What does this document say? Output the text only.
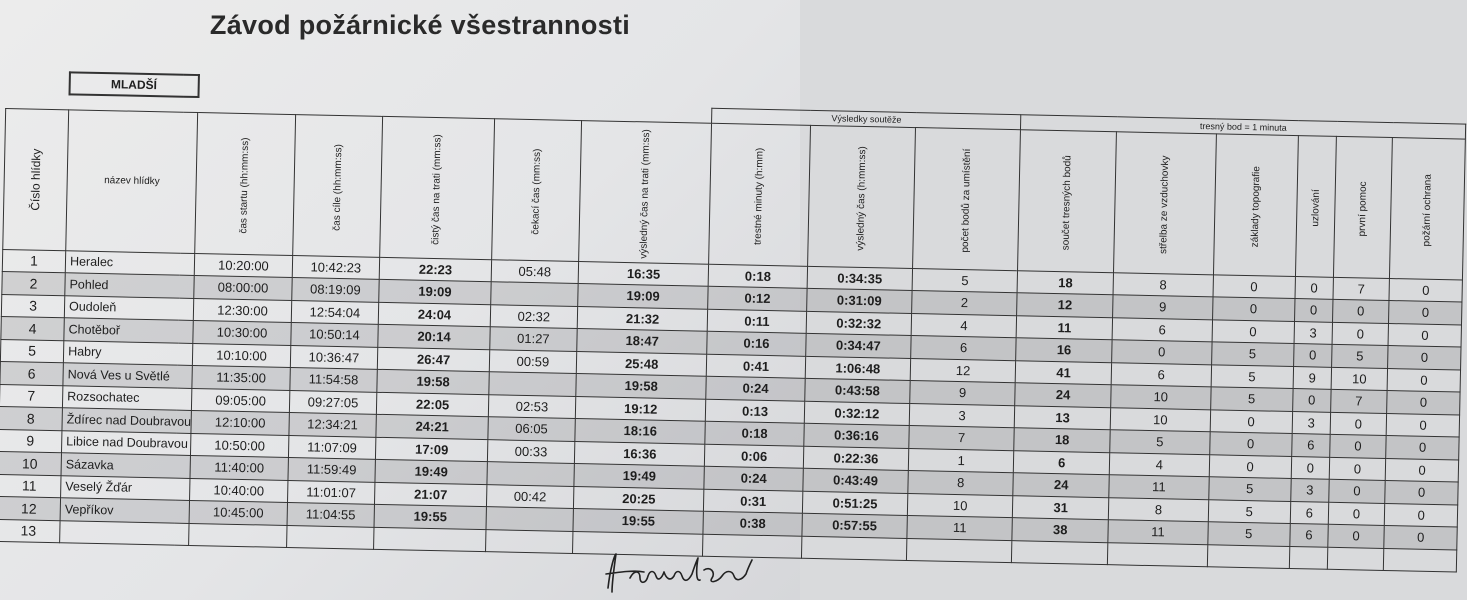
Závod požárnické všestrannosti
	MLADŠÍ														
							Výsledky soutěže			tresný bod = 1 minuta					
Číslo hlídky	název hlídky	čas startu (hh:mm:ss)	čas cíle (hh:mm:ss)	čistý čas na trati (mm:ss)	čekací čas (mm:ss)	výsledný čas na trati (mm:ss)	trestné minuty (h:mm)	výsledný čas (h:mm:ss)	počet bodů za umístění	součet tresných bodů	střelba ze vzduchovky	základy topografie	uzlování	první pomoc	požární ochrana
1	Heralec	10:20:00	10:42:23	22:23	05:48	16:35	0:18	0:34:35	5	18	8	0	0	7	0
2	Pohled	08:00:00	08:19:09	19:09		19:09	0:12	0:31:09	2	12	9	0	0	0	0
3	Oudoleň	12:30:00	12:54:04	24:04	02:32	21:32	0:11	0:32:32	4	11	6	0	3	0	0
4	Chotěboř	10:30:00	10:50:14	20:14	01:27	18:47	0:16	0:34:47	6	16	0	5	0	5	0
5	Habry	10:10:00	10:36:47	26:47	00:59	25:48	0:41	1:06:48	12	41	6	5	9	10	0
6	Nová Ves u Světlé	11:35:00	11:54:58	19:58		19:58	0:24	0:43:58	9	24	10	5	0	7	0
7	Rozsochatec	09:05:00	09:27:05	22:05	02:53	19:12	0:13	0:32:12	3	13	10	0	3	0	0
8	Ždírec nad Doubravou	12:10:00	12:34:21	24:21	06:05	18:16	0:18	0:36:16	7	18	5	0	6	0	0
9	Libice nad Doubravou	10:50:00	11:07:09	17:09	00:33	16:36	0:06	0:22:36	1	6	4	0	0	0	0
10	Sázavka	11:40:00	11:59:49	19:49		19:49	0:24	0:43:49	8	24	11	5	3	0	0
11	Veselý Žďár	10:40:00	11:01:07	21:07	00:42	20:25	0:31	0:51:25	10	31	8	5	6	0	0
12	Vepříkov	10:45:00	11:04:55	19:55		19:55	0:38	0:57:55	11	38	11	5	6	0	0
13															
